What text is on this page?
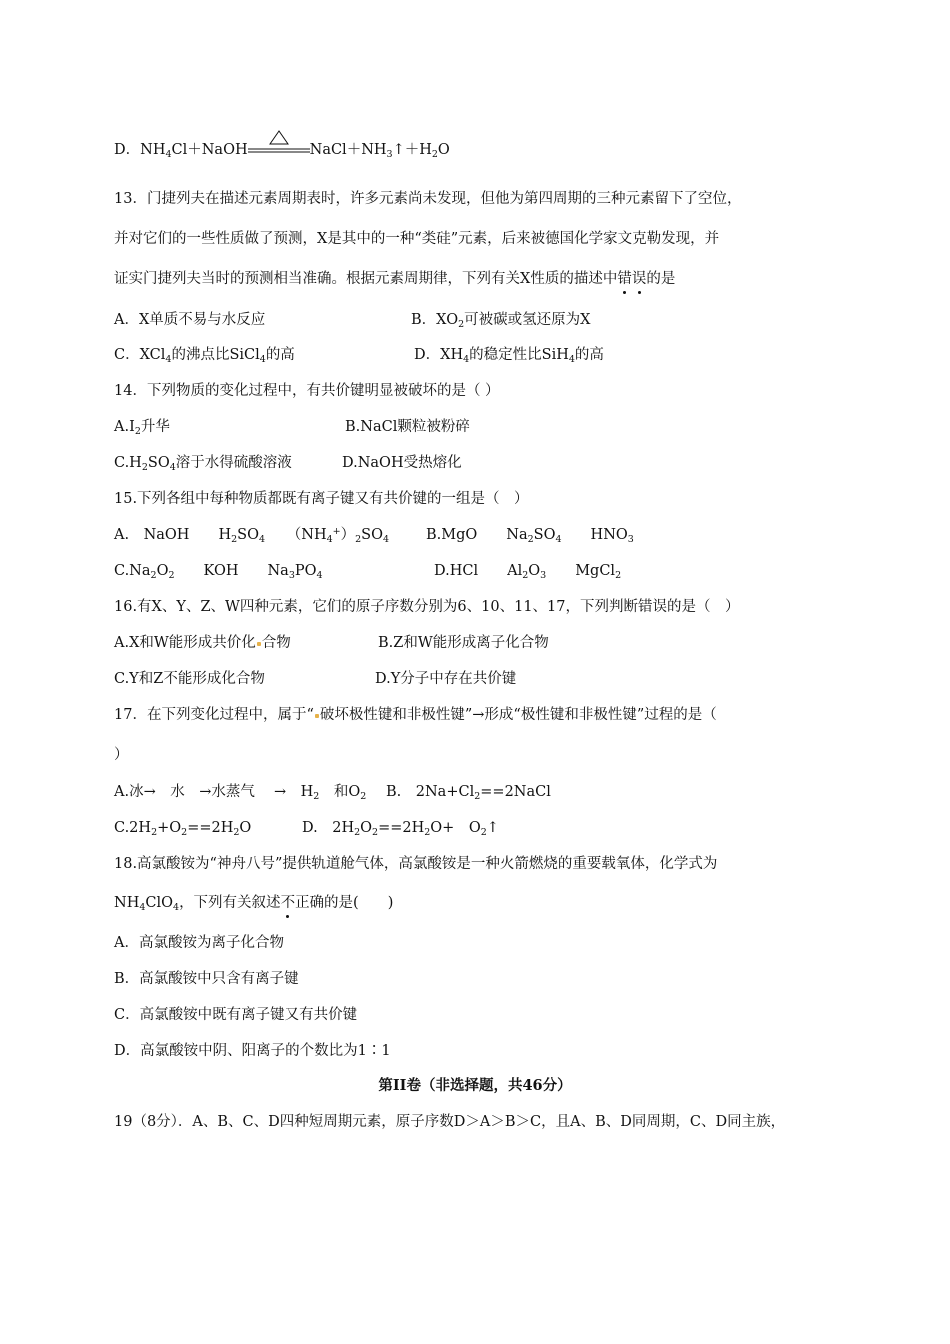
D．$NH_4Cl+NaOH$	$NaCl+NH_3↑+H_2O$
13．门捷列夫在描述元素周期表时，许多元素尚未发现，但他为第四周期的三种元素留下了空位，
并对它们的一些性质做了预测，X是其中的一种“类硅”元素，后来被德国化学家文克勒发现，并
证实门捷列夫当时的预测相当准确。根据元素周期律，下列有关X性质的描述中错误的是
A．X单质不易与水反应	B．$XO_2$可被碳或氢还原为X
C．XCl$_4$的沸点比SiCl$_4$的高	D．$XH_4$的稳定性比SiH$_4$的高
14．下列物质的变化过程中，有共价键明显被破坏的是（ ）
$A.I_2$升华	B.NaCl颗粒被粉碎
$C.H_2SO_4$溶于水得硫酸溶液	D.NaOH受热熔化
15.下列各组中每种物质都既有离子键又有共价键的一组是（　）
A.　NaOH　　$H_2SO_4$　　$(NH_4^+)_2SO_4$	B.MgO　　$Na_2SO_4$　　$HNO_3$
$C.Na_2O_2$　　KOH　　$Na_3PO_4$	D.HCl　　$Al_2O_3$　　MgCl$_2$
16.有X、Y、Z、W四种元素，它们的原子序数分别为6、10、11、17，下列判断错误的是（　）
A.X和W能形成共价化 合物	B.Z和W能形成离子化合物
C.Y和Z不能形成化合物	D.Y分子中存在共价键
17．在下列变化过程中，属于“ 破坏极性键和非极性键”→形成“极性键和非极性键”过程的是（
）
A.冰→　水　→水蒸气　 →　$H_2$　和$O_2$ B.　$2Na+Cl_2==2NaCl$
$C.2H_2+O_2==2H_2O$	D.　$2H_2O_2==2H_2O+$　$O_2↑$
18.高氯酸铵为“神舟八号”提供轨道舱气体，高氯酸铵是一种火箭燃烧的重要载氧体，化学式为
$NH_4ClO_4$，下列有关叙述不正确的是(　　)
A．高氯酸铵为离子化合物
B．高氯酸铵中只含有离子键
C．高氯酸铵中既有离子键又有共价键
D．高氯酸铵中阴、阳离子的个数比为1∶1
第II卷（非选择题，共46分）
19（8分）．A、B、C、D四种短周期元素，原子序数D＞A＞B＞C，且A、B、D同周期，C、D同主族，
